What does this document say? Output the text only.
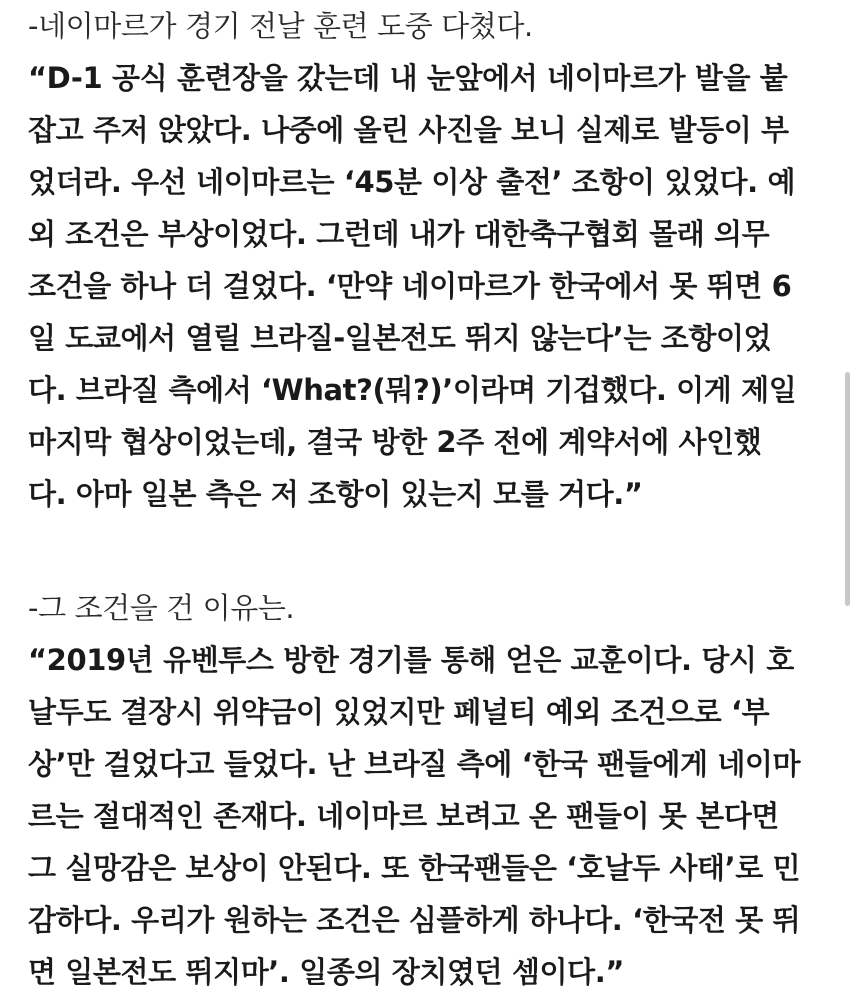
-네이마르가 경기 전날 훈련 도중 다쳤다.
“D-1 공식 훈련장을 갔는데 내 눈앞에서 네이마르가 발을 붙
잡고 주저 앉았다. 나중에 올린 사진을 보니 실제로 발등이 부
었더라. 우선 네이마르는 ‘45분 이상 출전’ 조항이 있었다. 예
외 조건은 부상이었다. 그런데 내가 대한축구협회 몰래 의무
조건을 하나 더 걸었다. ‘만약 네이마르가 한국에서 못 뛰면 6
일 도쿄에서 열릴 브라질-일본전도 뛰지 않는다’는 조항이었
다. 브라질 측에서 ‘What?(뭐?)’이라며 기겁했다. 이게 제일
마지막 협상이었는데, 결국 방한 2주 전에 계약서에 사인했
다. 아마 일본 측은 저 조항이 있는지 모를 거다.”
-그 조건을 건 이유는.
“2019년 유벤투스 방한 경기를 통해 얻은 교훈이다. 당시 호
날두도 결장시 위약금이 있었지만 페널티 예외 조건으로 ‘부
상’만 걸었다고 들었다. 난 브라질 측에 ‘한국 팬들에게 네이마
르는 절대적인 존재다. 네이마르 보려고 온 팬들이 못 본다면
그 실망감은 보상이 안된다. 또 한국팬들은 ‘호날두 사태’로 민
감하다. 우리가 원하는 조건은 심플하게 하나다. ‘한국전 못 뛰
면 일본전도 뛰지마’. 일종의 장치였던 셈이다.”
